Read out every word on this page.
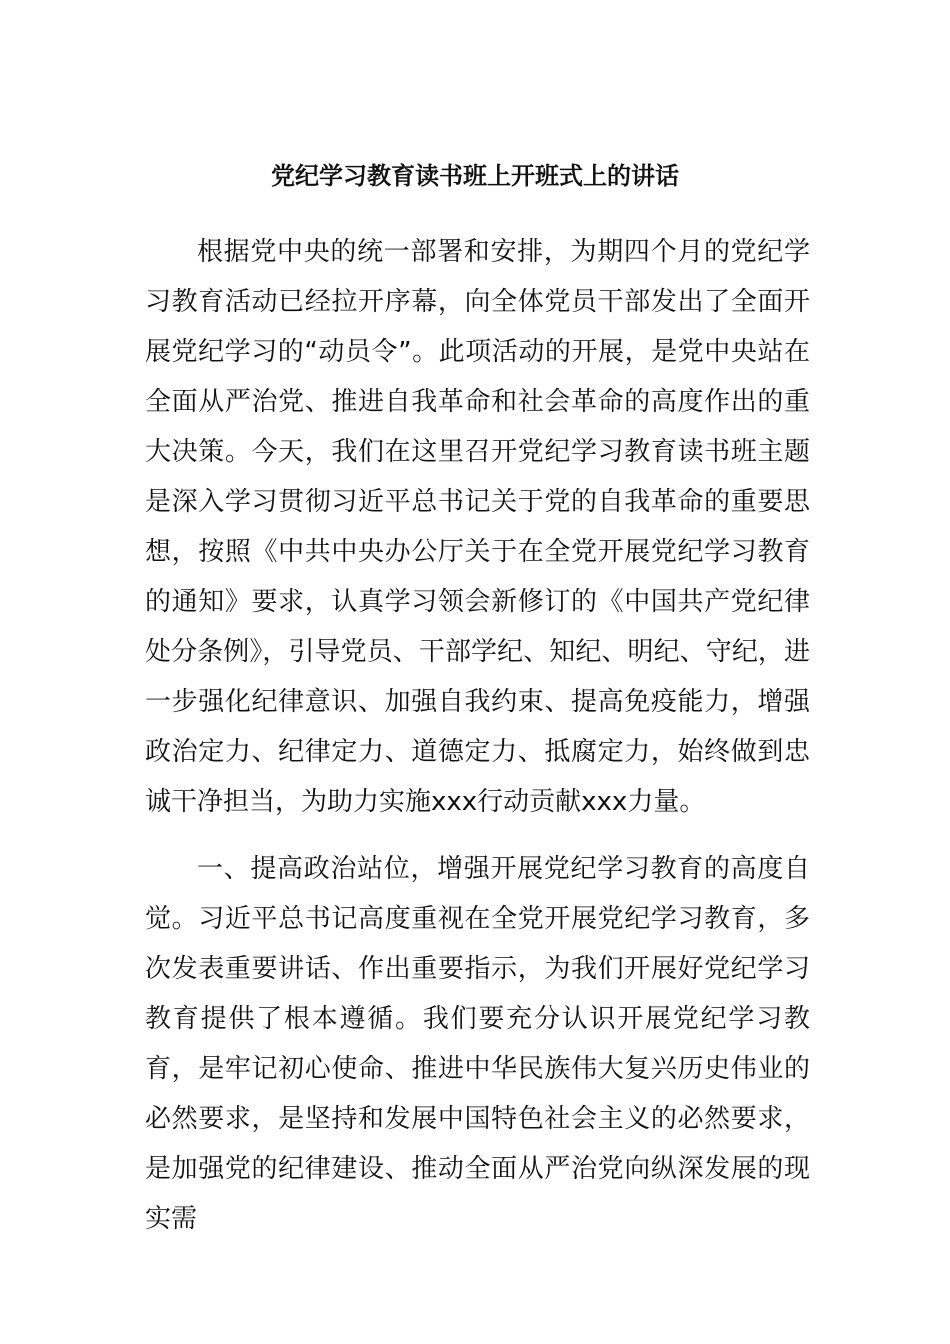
党纪学习教育读书班上开班式上的讲话

根据党中央的统一部署和安排，为期四个月的党纪学习教育活动已经拉开序幕，向全体党员干部发出了全面开展党纪学习的“动员令”。此项活动的开展，是党中央站在全面从严治党、推进自我革命和社会革命的高度作出的重大决策。今天，我们在这里召开党纪学习教育读书班主题是深入学习贯彻习近平总书记关于党的自我革命的重要思想，按照《中共中央办公厅关于在全党开展党纪学习教育的通知》要求，认真学习领会新修订的《中国共产党纪律处分条例》，引导党员、干部学纪、知纪、明纪、守纪，进一步强化纪律意识、加强自我约束、提高免疫能力，增强政治定力、纪律定力、道德定力、抵腐定力，始终做到忠诚干净担当，为助力实施xxx行动贡献xxx力量。

一、提高政治站位，增强开展党纪学习教育的高度自觉。习近平总书记高度重视在全党开展党纪学习教育，多次发表重要讲话、作出重要指示，为我们开展好党纪学习教育提供了根本遵循。我们要充分认识开展党纪学习教育，是牢记初心使命、推进中华民族伟大复兴历史伟业的必然要求，是坚持和发展中国特色社会主义的必然要求，是加强党的纪律建设、推动全面从严治党向纵深发展的现实需
